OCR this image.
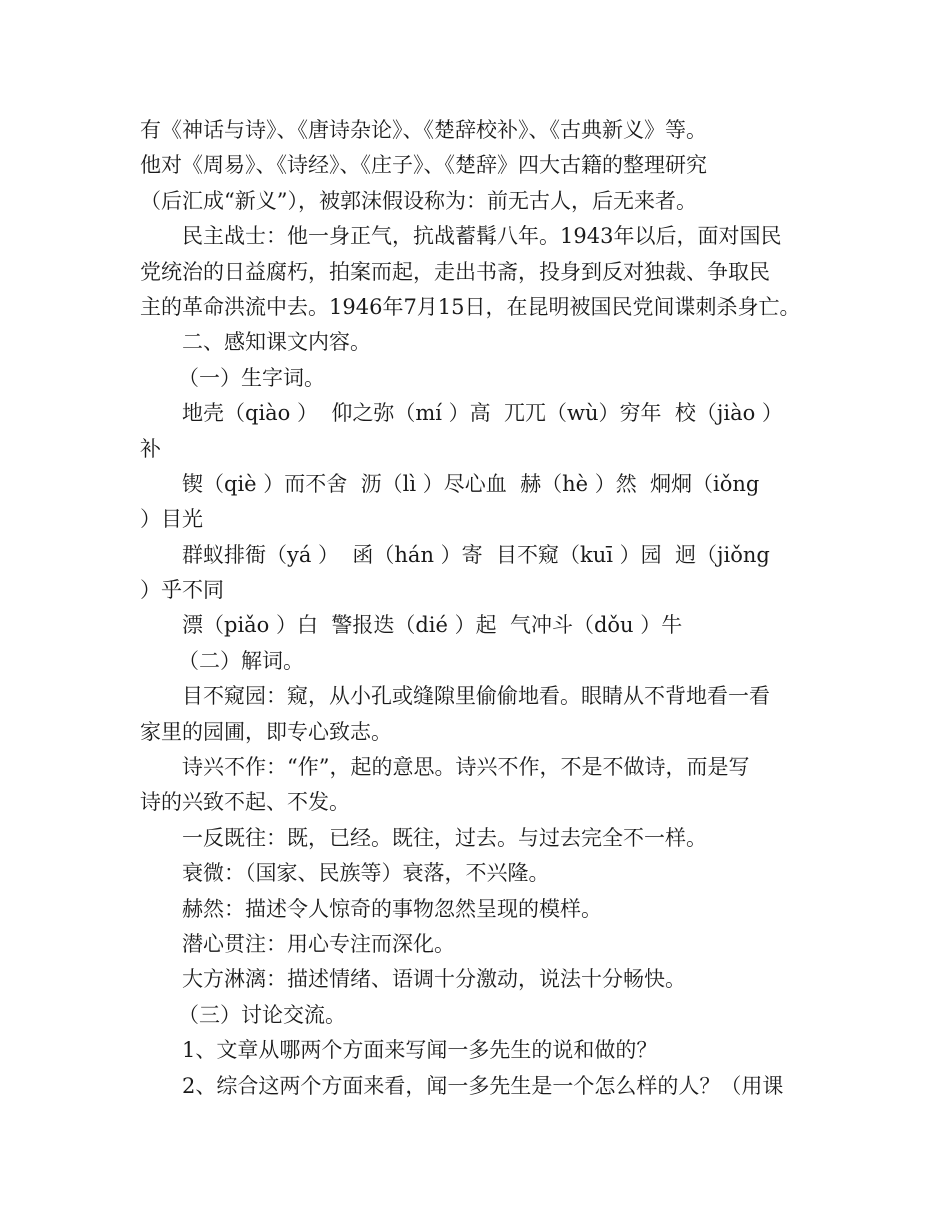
有《神话与诗》、《唐诗杂论》、《楚辞校补》、《古典新义》等。
他对《周易》、《诗经》、《庄子》、《楚辞》四大古籍的整理研究
（后汇成“新义”），被郭沫假设称为：前无古人，后无来者。
民主战士：他一身正气，抗战蓄髯八年。1943年以后，面对国民
党统治的日益腐朽，拍案而起，走出书斋，投身到反对独裁、争取民
主的革命洪流中去。1946年7月15日，在昆明被国民党间谍刺杀身亡。
二、感知课文内容。
（一）生字词。
地壳（qiào ）  仰之弥（mí ）高  兀兀（wù）穷年  校（jiào ）
补
锲（qiè ）而不舍  沥（lì ）尽心血  赫（hè ）然  炯炯（iǒng
）目光
群蚁排衙（yá ）  函（hán ）寄  目不窥（kuī ）园  迥（jiǒng
）乎不同
漂（piǎo ）白  警报迭（dié ）起  气冲斗（dǒu ）牛
（二）解词。
目不窥园：窥，从小孔或缝隙里偷偷地看。眼睛从不背地看一看
家里的园圃，即专心致志。
诗兴不作：“作”，起的意思。诗兴不作，不是不做诗，而是写
诗的兴致不起、不发。
一反既往：既，已经。既往，过去。与过去完全不一样。
衰微：（国家、民族等）衰落，不兴隆。
赫然：描述令人惊奇的事物忽然呈现的模样。
潜心贯注：用心专注而深化。
大方淋漓：描述情绪、语调十分激动，说法十分畅快。
（三）讨论交流。
1、文章从哪两个方面来写闻一多先生的说和做的？
2、综合这两个方面来看，闻一多先生是一个怎么样的人？（用课
